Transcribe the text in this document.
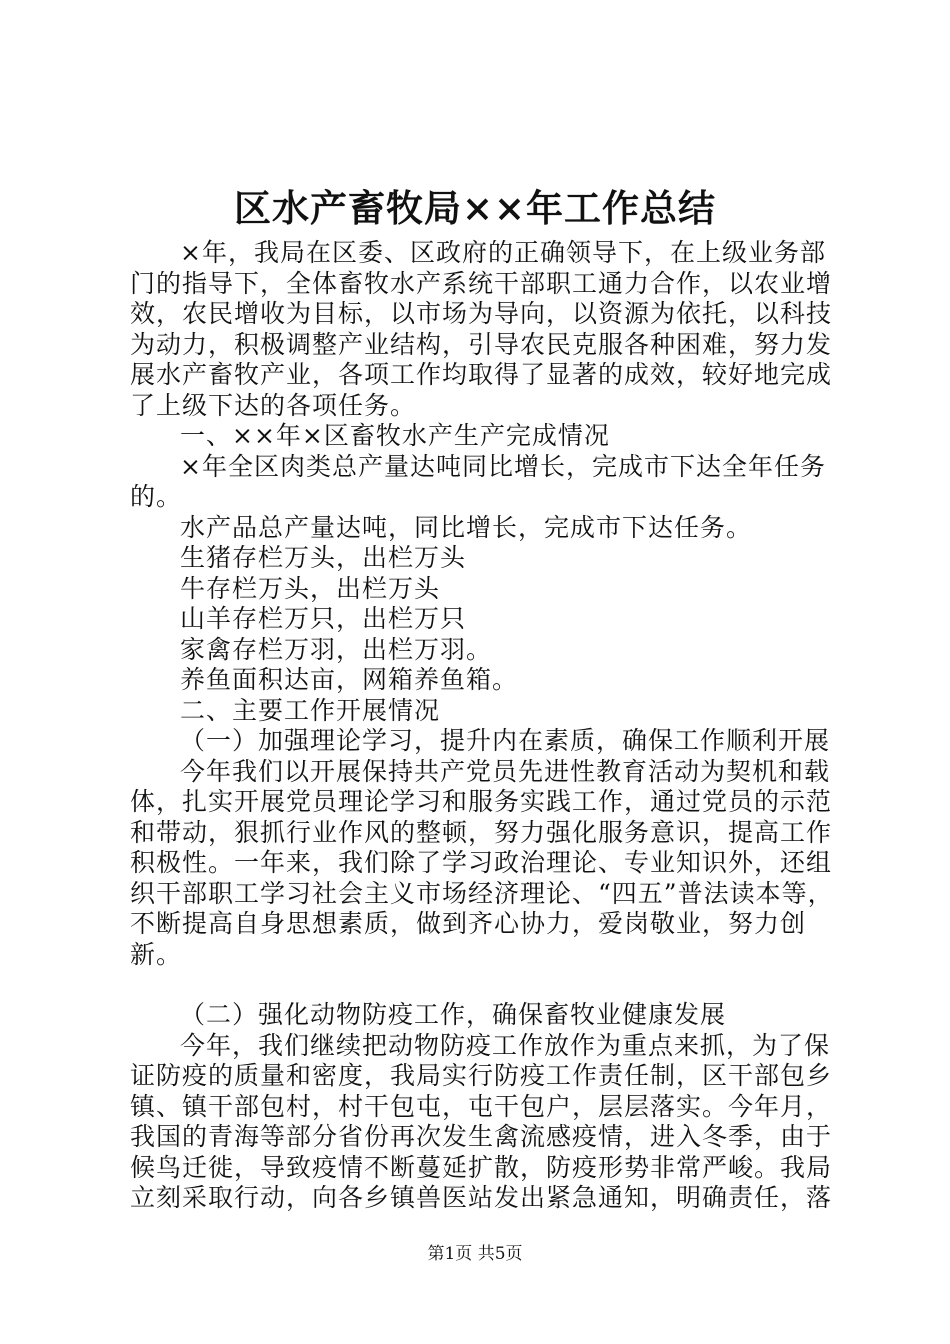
区水产畜牧局××年工作总结

×年，我局在区委、区政府的正确领导下，在上级业务部门的指导下，全体畜牧水产系统干部职工通力合作，以农业增效，农民增收为目标，以市场为导向，以资源为依托，以科技为动力，积极调整产业结构，引导农民克服各种困难，努力发展水产畜牧产业，各项工作均取得了显著的成效，较好地完成了上级下达的各项任务。

一、××年×区畜牧水产生产完成情况

×年全区肉类总产量达吨同比增长，完成市下达全年任务的。

水产品总产量达吨，同比增长，完成市下达任务。

生猪存栏万头，出栏万头

牛存栏万头，出栏万头

山羊存栏万只，出栏万只

家禽存栏万羽，出栏万羽。

养鱼面积达亩，网箱养鱼箱。

二、主要工作开展情况

（一）加强理论学习，提升内在素质，确保工作顺利开展

今年我们以开展保持共产党员先进性教育活动为契机和载体，扎实开展党员理论学习和服务实践工作，通过党员的示范和带动，狠抓行业作风的整顿，努力强化服务意识，提高工作积极性。一年来，我们除了学习政治理论、专业知识外，还组织干部职工学习社会主义市场经济理论、“四五”普法读本等，不断提高自身思想素质，做到齐心协力，爱岗敬业，努力创新。

（二）强化动物防疫工作，确保畜牧业健康发展

今年，我们继续把动物防疫工作放作为重点来抓，为了保证防疫的质量和密度，我局实行防疫工作责任制，区干部包乡镇、镇干部包村，村干包屯，屯干包户，层层落实。今年月，我国的青海等部分省份再次发生禽流感疫情，进入冬季，由于候鸟迁徙，导致疫情不断蔓延扩散，防疫形势非常严峻。我局立刻采取行动，向各乡镇兽医站发出紧急通知，明确责任，落

第1页 共5页
